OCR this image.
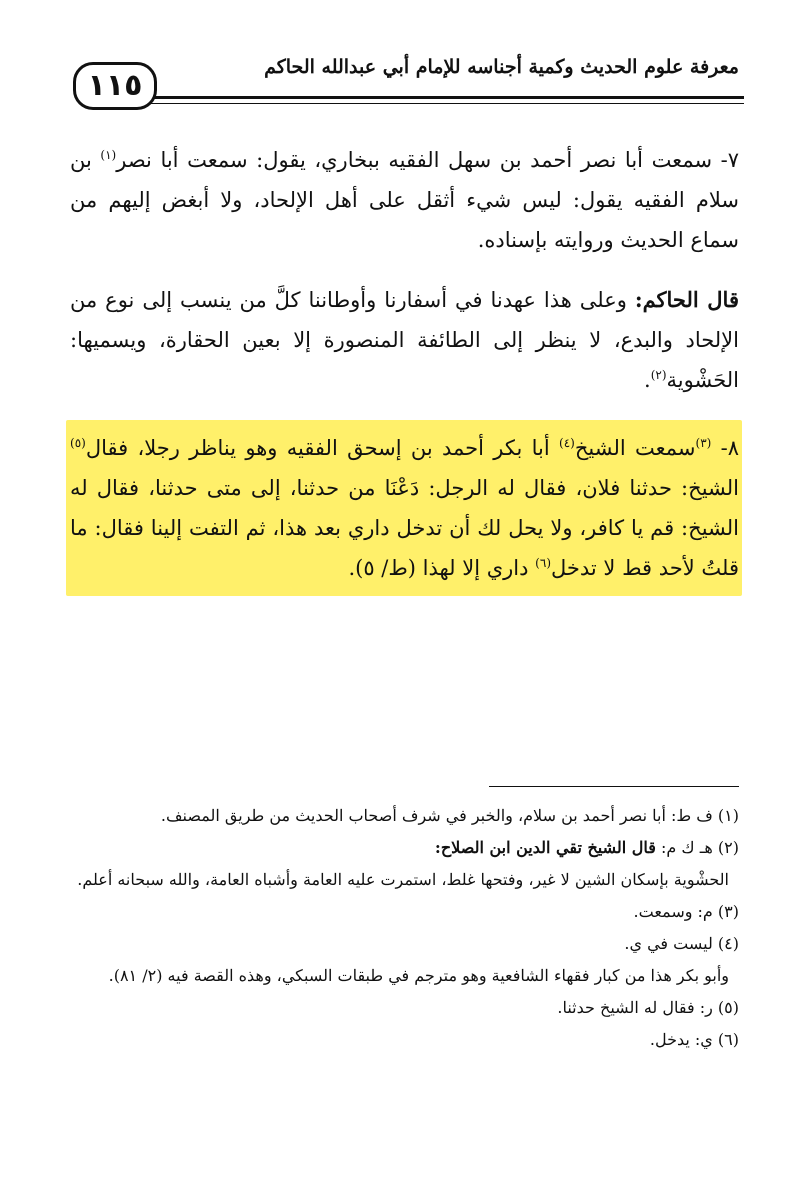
معرفة علوم الحديث وكمية أجناسه للإمام أبي عبدالله الحاكم
١١٥
٧- سمعت أبا نصر أحمد بن سهل الفقيه ببخاري، يقول: سمعت أبا نصر$^{(١)}$ بن سلام الفقيه يقول: ليس شيء أثقل على أهل الإلحاد، ولا أبغض إليهم من سماع الحديث وروايته بإسناده.
قال الحاكم: وعلى هذا عهدنا في أسفارنا وأوطاننا كلَّ من ينسب إلى نوع من الإلحاد والبدع، لا ينظر إلى الطائفة المنصورة إلا بعين الحقارة، ويسميها: الحَشْوية$^{(٢)}$.
٨- $^{(٣)}$سمعت الشيخ$^{(٤)}$ أبا بكر أحمد بن إسحق الفقيه وهو يناظر رجلا، فقال$^{(٥)}$ الشيخ: حدثنا فلان، فقال له الرجل: دَعْنَا من حدثنا، إلى متى حدثنا، فقال له الشيخ: قم يا كافر، ولا يحل لك أن تدخل داري بعد هذا، ثم التفت إلينا فقال: ما قلتُ لأحد قط لا تدخل$^{(٦)}$ داري إلا لهذا (ط/ ٥).
(١) ف ط: أبا نصر أحمد بن سلام، والخبر في شرف أصحاب الحديث من طريق المصنف.
(٢) هـ ك م: قال الشيخ تقي الدين ابن الصلاح:
الحشْوية بإسكان الشين لا غير، وفتحها غلط، استمرت عليه العامة وأشباه العامة، والله سبحانه أعلم.
(٣) م: وسمعت.
(٤) ليست في ي.
وأبو بكر هذا من كبار فقهاء الشافعية وهو مترجم في طبقات السبكي، وهذه القصة فيه (٢/ ٨١).
(٥) ر: فقال له الشيخ حدثنا.
(٦) ي: يدخل.
